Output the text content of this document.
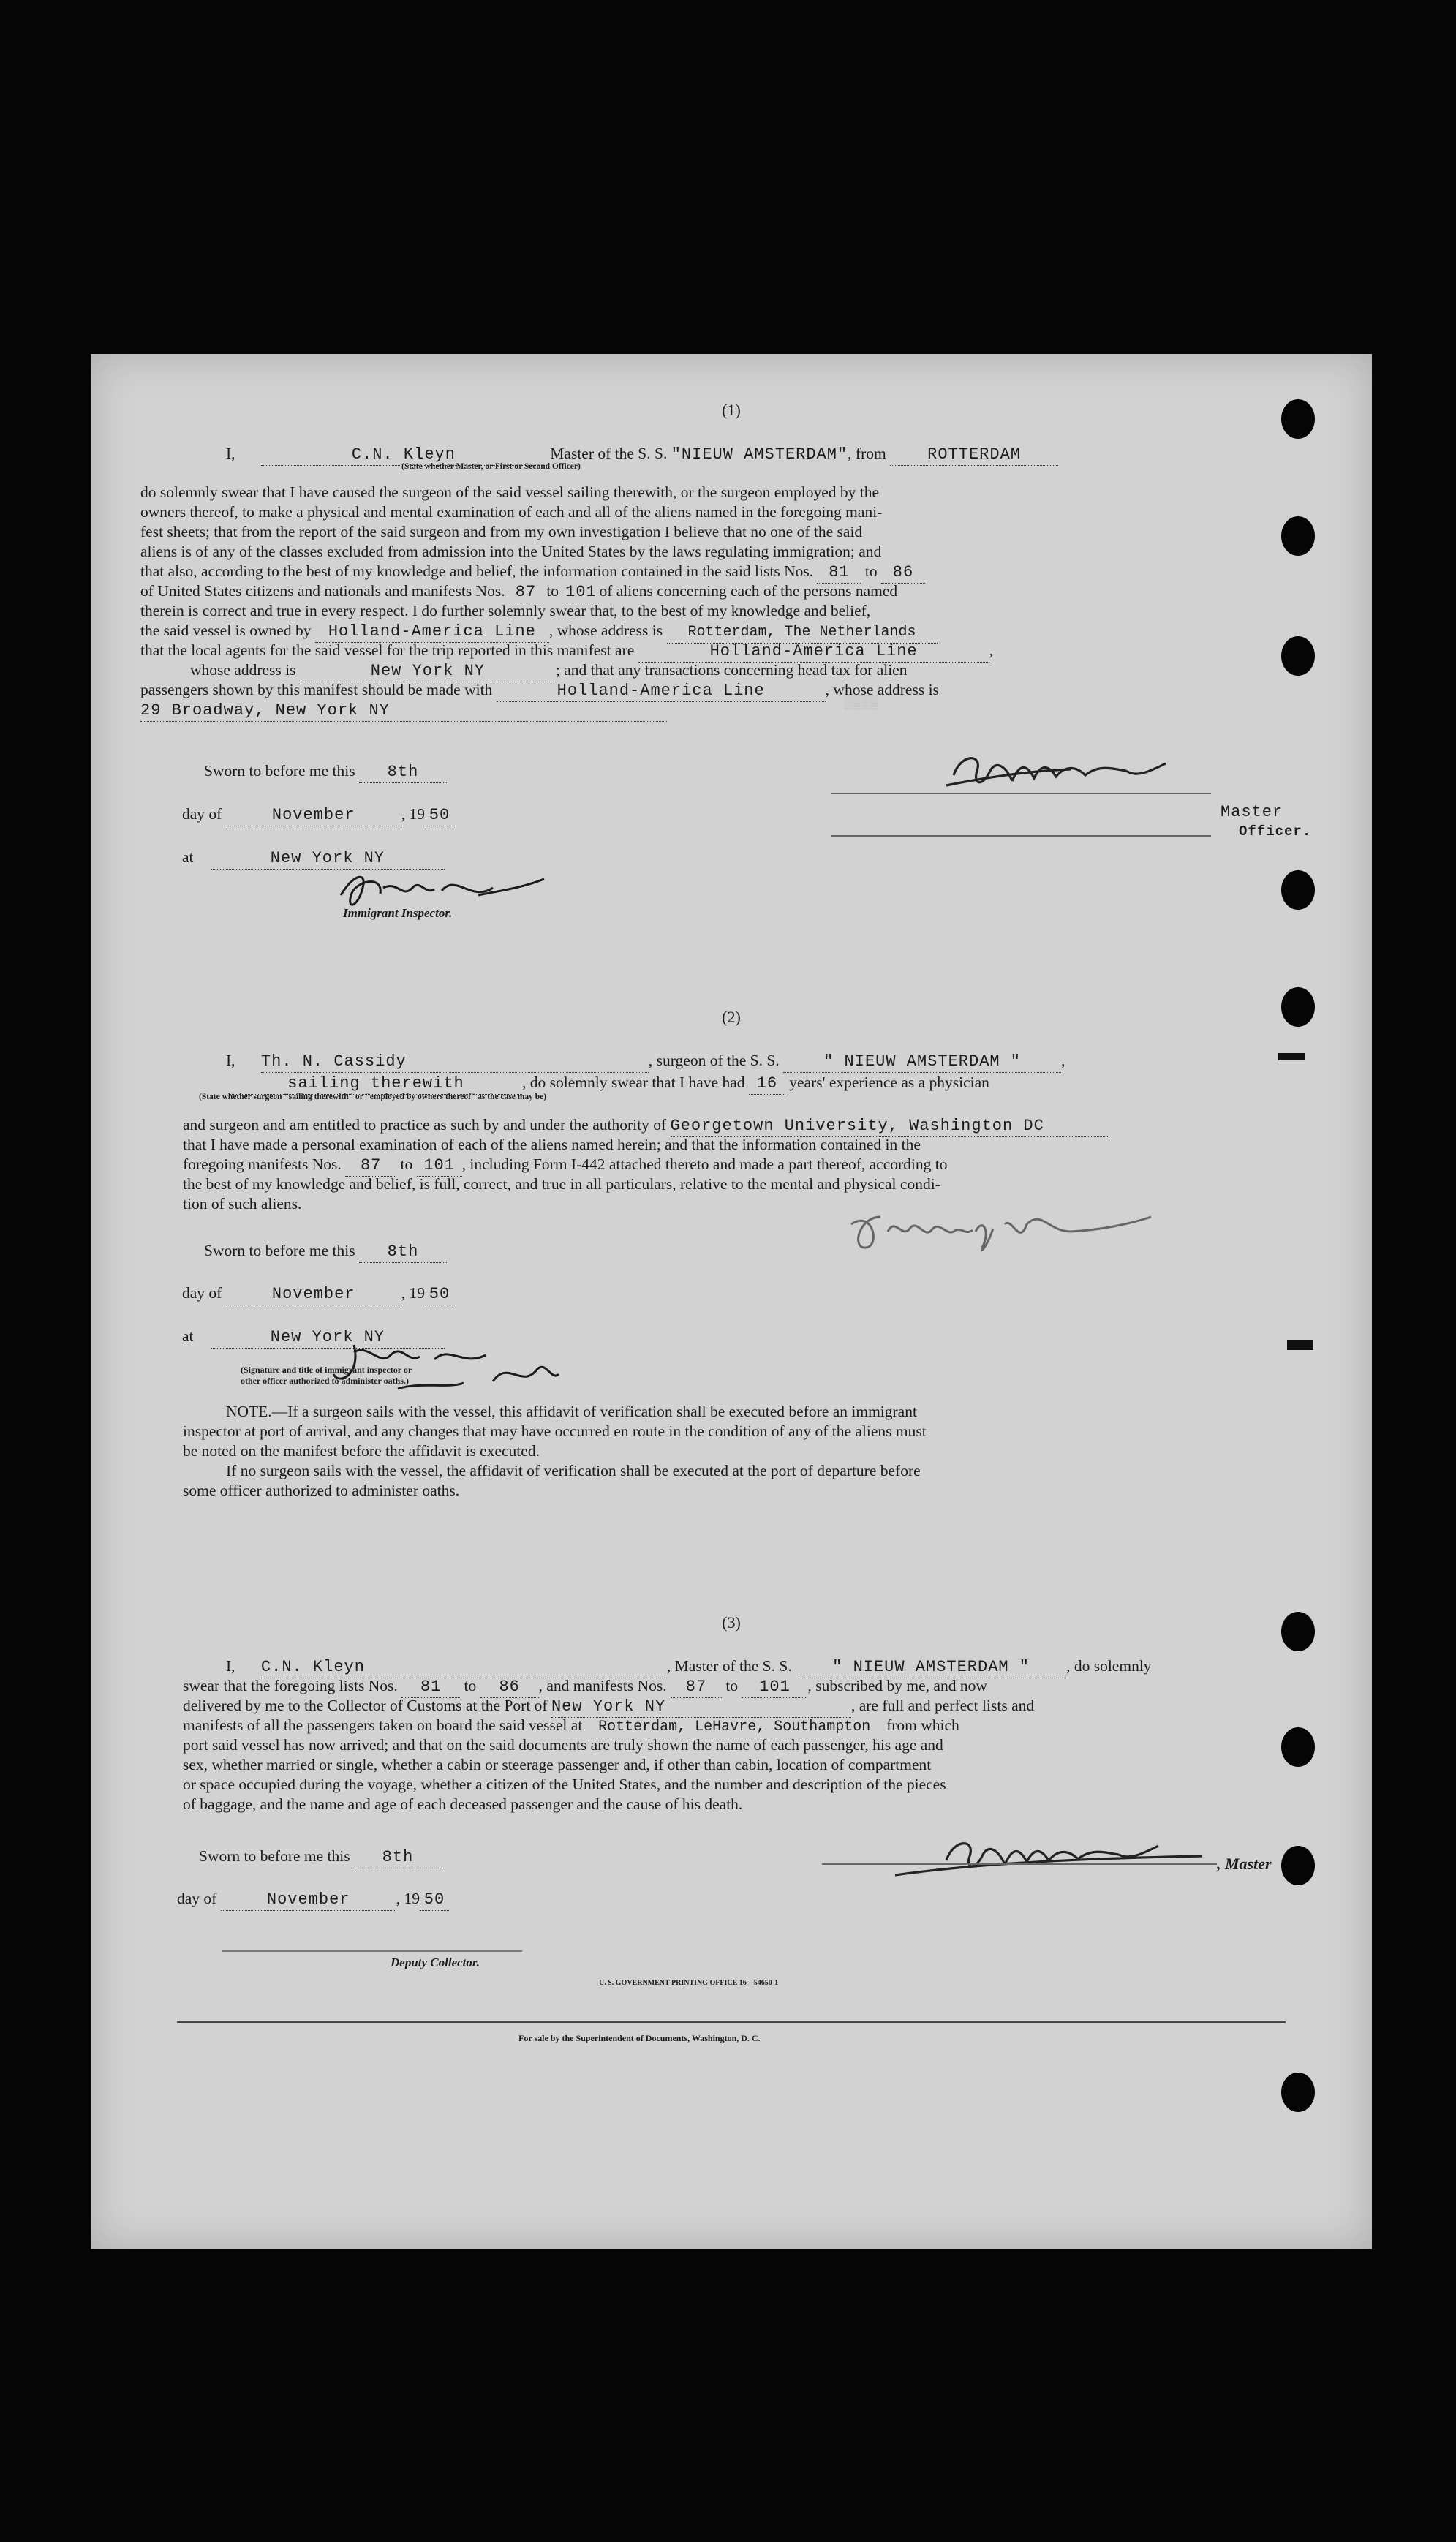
(1)
I,	C.N. Kleyn	Master of the S. S. "NIEUW AMSTERDAM", from	ROTTERDAM
(State whether Master, or First or Second Officer)
do solemnly swear that I have caused the surgeon of the said vessel sailing therewith, or the surgeon employed by the
owners thereof, to make a physical and mental examination of each and all of the aliens named in the foregoing mani-
fest sheets; that from the report of the said surgeon and from my own investigation I believe that no one of the said
aliens is of any of the classes excluded from admission into the United States by the laws regulating immigration; and
that also, according to the best of my knowledge and belief, the information contained in the said lists Nos. 81 to 86
of United States citizens and nationals and manifests Nos. 87 to 101 of aliens concerning each of the persons named
therein is correct and true in every respect. I do further solemnly swear that, to the best of my knowledge and belief,
the said vessel is owned by Holland-America Line , whose address is Rotterdam, The Netherlands
that the local agents for the said vessel for the trip reported in this manifest are	Holland-America Line	,
whose address is	New York NY	; and that any transactions concerning head tax for alien
passengers shown by this manifest should be made with	Holland-America Line	, whose address is
29 Broadway, New York NY	▒▒▒▒
Sworn to before me this 8th
day of	November	, 19 50
at	New York NY
Immigrant Inspector.
Master
Officer.
(2)
I, Th. N. Cassidy	, surgeon of the S. S.	" NIEUW AMSTERDAM "	,
sailing therewith	, do solemnly swear that I have had 16 years' experience as a physician
(State whether surgeon "sailing therewith" or "employed by owners thereof" as the case may be)
and surgeon and am entitled to practice as such by and under the authority of Georgetown University, Washington DC
that I have made a personal examination of each of the aliens named herein; and that the information contained in the
foregoing manifests Nos. 87 to 101 , including Form I-442 attached thereto and made a part thereof, according to
the best of my knowledge and belief, is full, correct, and true in all particulars, relative to the mental and physical condi-
tion of such aliens.
Sworn to before me this 8th
day of	November	, 19 50
at	New York NY
(Signature and title of immigrant inspector or
other officer authorized to administer oaths.)
NOTE.—If a surgeon sails with the vessel, this affidavit of verification shall be executed before an immigrant
inspector at port of arrival, and any changes that may have occurred en route in the condition of any of the aliens must
be noted on the manifest before the affidavit is executed.
If no surgeon sails with the vessel, the affidavit of verification shall be executed at the port of departure before
some officer authorized to administer oaths.
(3)
I, C.N. Kleyn	, Master of the S. S.	" NIEUW AMSTERDAM " , do solemnly
swear that the foregoing lists Nos. 81 to 86 , and manifests Nos. 87 to 101 , subscribed by me, and now
delivered by me to the Collector of Customs at the Port of New York NY	, are full and perfect lists and
manifests of all the passengers taken on board the said vessel at Rotterdam, LeHavre, Southampton from which
port said vessel has now arrived; and that on the said documents are truly shown the name of each passenger, his age and
sex, whether married or single, whether a cabin or steerage passenger and, if other than cabin, location of compartment
or space occupied during the voyage, whether a citizen of the United States, and the number and description of the pieces
of baggage, and the name and age of each deceased passenger and the cause of his death.
Sworn to before me this 8th
day of	November	, 19 50
, Master
Deputy Collector.
U. S. GOVERNMENT PRINTING OFFICE 16—54650-1
For sale by the Superintendent of Documents, Washington, D. C.
